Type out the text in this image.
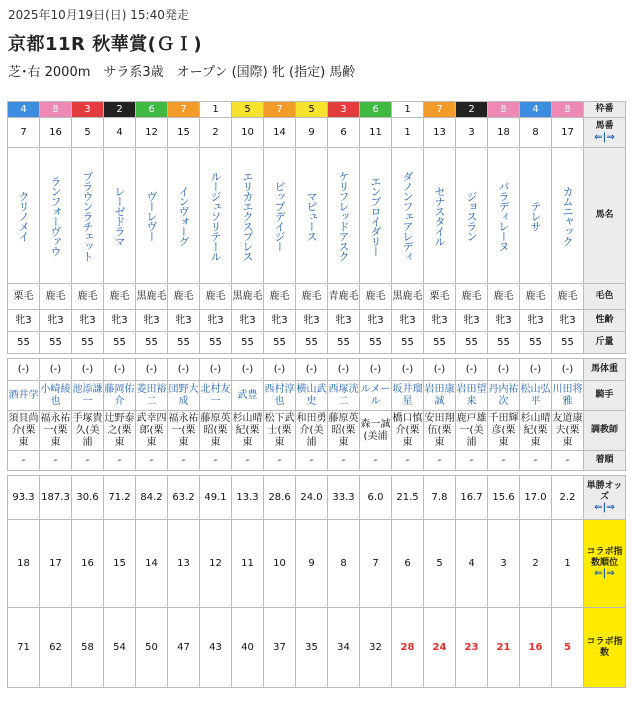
2025年10月19日(日) 15:40発走
京都11R 秋華賞(ＧＩ)
芝･右 2000m　サラ系3歳　オープン (国際) 牝 (指定) 馬齢
4	8	3	2	6	7	1	5	7	5	3	6	1	7	2	8	4	8	枠番

7	16	5	4	12	15	2	10	14	9	6	11	1	13	3	18	8	17	馬番
⇐|⇒

クリノメイ	ランフォーヴァウ	ブラウンラチェット	レーゼドラマ	ヴーレヴー	インヴォーグ	ルージュソリテール	エリカエクスプレス	ビップデイジー	マピュース	ケリフレッドアスク	エンブロイダリー	ダノンフェアレディ	セナスタイル	ジョスラン	パラディレーヌ	テレサ	カムニャック	馬名

栗毛	鹿毛	鹿毛	鹿毛	黒鹿毛	鹿毛	鹿毛	黒鹿毛	鹿毛	鹿毛	青鹿毛	鹿毛	黒鹿毛	栗毛	鹿毛	鹿毛	鹿毛	鹿毛	毛色

牝3	牝3	牝3	牝3	牝3	牝3	牝3	牝3	牝3	牝3	牝3	牝3	牝3	牝3	牝3	牝3	牝3	牝3	性齢

55	55	55	55	55	55	55	55	55	55	55	55	55	55	55	55	55	55	斤量

(-)	(-)	(-)	(-)	(-)	(-)	(-)	(-)	(-)	(-)	(-)	(-)	(-)	(-)	(-)	(-)	(-)	(-)	馬体重

酒井学	小崎綾也	池添謙一	藤岡佑介	菱田裕二	団野大成	北村友一	武豊	西村淳也	横山武史	西塚洸二	ルメール	坂井瑠星	岩田康誠	岩田望来	丹内祐次	松山弘平	川田将雅	騎手

須貝尚介(栗東	福永祐一(栗東	手塚貴久(美浦	辻野泰之(栗東	武幸四郎(栗東	福永祐一(栗東	藤原英昭(栗東	杉山晴紀(栗東	松下武士(栗東	和田勇介(美浦	藤原英昭(栗東	森一誠(美浦	橋口慎介(栗東	安田翔伍(栗東	鹿戸雄一(美浦	千田輝彦(栗東	杉山晴紀(栗東	友道康夫(栗東	調教師

-	-	-	-	-	-	-	-	-	-	-	-	-	-	-	-	-	-	着順

93.3	187.3	30.6	71.2	84.2	63.2	49.1	13.3	28.6	24.0	33.3	6.0	21.5	7.8	16.7	15.6	17.0	2.2	単勝オッズ
⇐|⇒

18	17	16	15	14	13	12	11	10	9	8	7	6	5	4	3	2	1	コラボ指数順位
⇐|⇒

71	62	58	54	50	47	43	40	37	35	34	32	28	24	23	21	16	5	コラボ指数
